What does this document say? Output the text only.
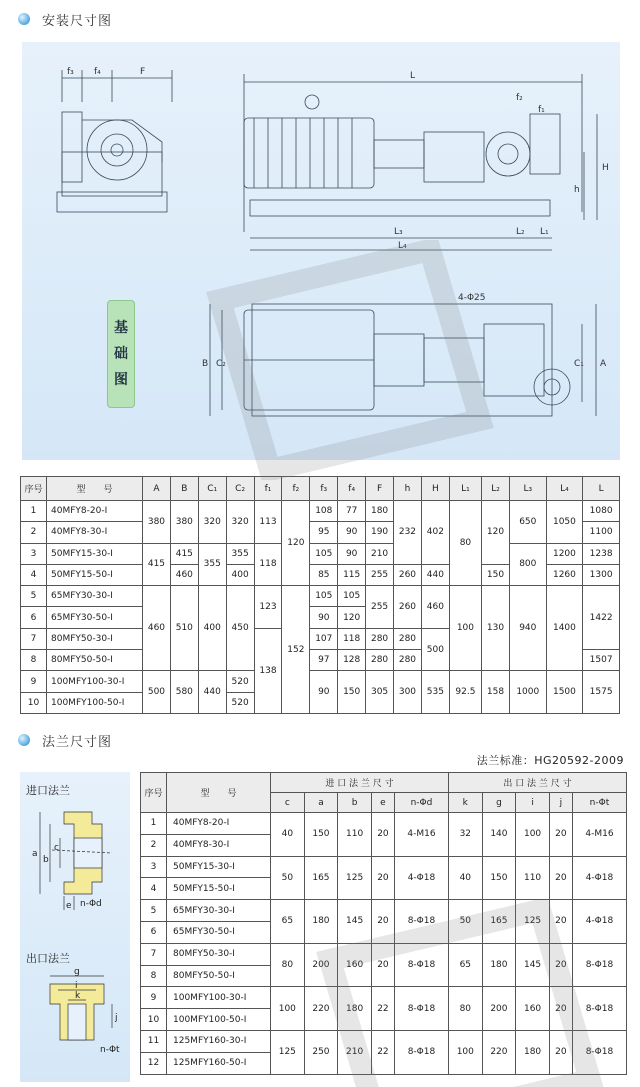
安装尺寸图
f₃ f₄	F	L
f₂
f₁
h
H
L₃	L₂ L₁
L₄
4-Φ25
B C₂	C₁ A
基
础
图
序号	型　　号	A	B	C₁	C₂	f₁	f₂	f₃	f₄	F	h	H	L₁	L₂	L₃	L₄	L
1	40MFY8-20-Ⅰ	380	380	320	320	113	120	108	77	180	232	402	80	120	650	1050	1080
2	40MFY8-30-Ⅰ							95	90	190							1100
3	50MFY15-30-Ⅰ	415	415	355	355	118		105	90	210					800	1200	1238
4	50MFY15-50-Ⅰ		460		400			85	115	255	260	440		150		1260	1300
5	65MFY30-30-Ⅰ	460	510	400	450	123	152	105	105	255	260	460	100	130	940	1400	1422
6	65MFY30-50-Ⅰ							90	120								
7	80MFY50-30-Ⅰ					138		107	118	280	280	500					
8	80MFY50-50-Ⅰ							97	128	280	280						1507
9	100MFY100-30-Ⅰ	500	580	440	520			90	150	305	300	535	92.5	158	1000	1500	1575
10	100MFY100-50-Ⅰ				520												
法兰尺寸图
法兰标准：HG20592-2009
进口法兰
a
b
c
e n-Φd
g
i
k
j
n-Φt
出口法兰
序号	型　　号	进 口 法 兰 尺 寸					出 口 法 兰 尺 寸				
		c	a	b	e	n-Φd	k	g	i	j	n-Φt
1	40MFY8-20-Ⅰ	40	150	110	20	4-M16	32	140	100	20	4-M16
2	40MFY8-30-Ⅰ										
3	50MFY15-30-Ⅰ	50	165	125	20	4-Φ18	40	150	110	20	4-Φ18
4	50MFY15-50-Ⅰ										
5	65MFY30-30-Ⅰ	65	180	145	20	8-Φ18	50	165	125	20	4-Φ18
6	65MFY30-50-Ⅰ										
7	80MFY50-30-Ⅰ	80	200	160	20	8-Φ18	65	180	145	20	8-Φ18
8	80MFY50-50-Ⅰ										
9	100MFY100-30-Ⅰ	100	220	180	22	8-Φ18	80	200	160	20	8-Φ18
10	100MFY100-50-Ⅰ										
11	125MFY160-30-Ⅰ	125	250	210	22	8-Φ18	100	220	180	20	8-Φ18
12	125MFY160-50-Ⅰ										
